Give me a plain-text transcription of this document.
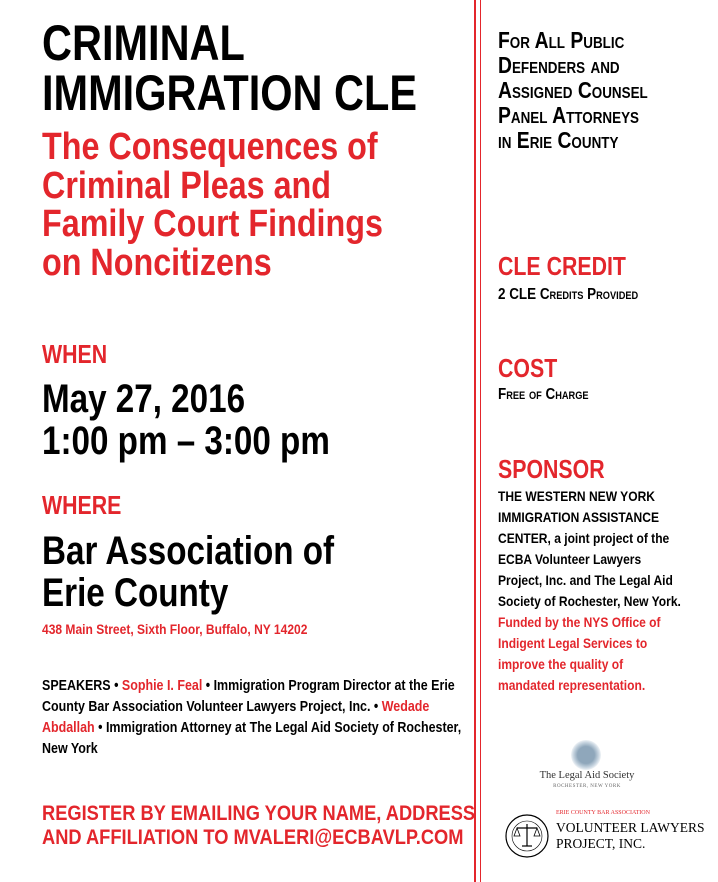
CRIMINAL
IMMIGRATION CLE
The Consequences of
Criminal Pleas and
Family Court Findings
on Noncitizens
WHEN
May 27, 2016
1:00 pm – 3:00 pm
WHERE
Bar Association of
Erie County
438 Main Street, Sixth Floor, Buffalo, NY 14202
SPEAKERS • Sophie I. Feal • Immigration Program Director at the Erie County Bar Association Volunteer Lawyers Project, Inc. • Wedade Abdallah • Immigration Attorney at The Legal Aid Society of Rochester, New York
REGISTER BY EMAILING YOUR NAME, ADDRESS
AND AFFILIATION TO MVALERI@ECBAVLP.COM
For All Public
Defenders and
Assigned Counsel
Panel Attorneys
in Erie County
CLE CREDIT
2 CLE Credits Provided
COST
Free of Charge
SPONSOR
THE WESTERN NEW YORK IMMIGRATION ASSISTANCE CENTER, a joint project of the ECBA Volunteer Lawyers Project, Inc. and The Legal Aid Society of Rochester, New York. Funded by the NYS Office of Indigent Legal Services to improve the quality of mandated representation.
The Legal Aid Society
ROCHESTER, NEW YORK
ERIE COUNTY BAR ASSOCIATION
VOLUNTEER LAWYERS
PROJECT, INC.
